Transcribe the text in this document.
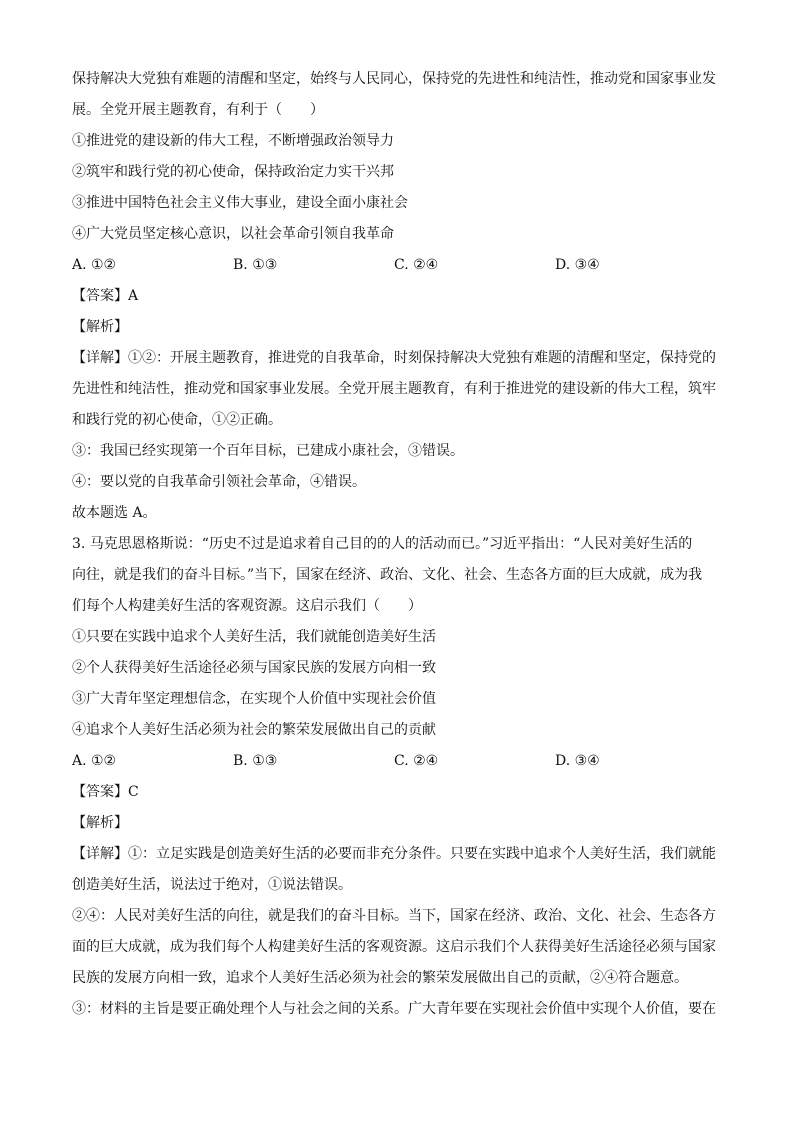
保持解决大党独有难题的清醒和坚定，始终与人民同心，保持党的先进性和纯洁性，推动党和国家事业发
展。全党开展主题教育，有利于（　　）
①推进党的建设新的伟大工程，不断增强政治领导力
②筑牢和践行党的初心使命，保持政治定力实干兴邦
③推进中国特色社会主义伟大事业，建设全面小康社会
④广大党员坚定核心意识，以社会革命引领自我革命
A. ①②	B. ①③	C. ②④	D. ③④
【答案】A
【解析】
【详解】①②：开展主题教育，推进党的自我革命，时刻保持解决大党独有难题的清醒和坚定，保持党的
先进性和纯洁性，推动党和国家事业发展。全党开展主题教育，有利于推进党的建设新的伟大工程，筑牢
和践行党的初心使命，①②正确。
③：我国已经实现第一个百年目标，已建成小康社会，③错误。
④：要以党的自我革命引领社会革命，④错误。
故本题选 A。
3. 马克思恩格斯说：“历史不过是追求着自己目的的人的活动而已。”习近平指出：“人民对美好生活的
向往，就是我们的奋斗目标。”当下，国家在经济、政治、文化、社会、生态各方面的巨大成就，成为我
们每个人构建美好生活的客观资源。这启示我们（　　）
①只要在实践中追求个人美好生活，我们就能创造美好生活
②个人获得美好生活途径必须与国家民族的发展方向相一致
③广大青年坚定理想信念，在实现个人价值中实现社会价值
④追求个人美好生活必须为社会的繁荣发展做出自己的贡献
A. ①②	B. ①③	C. ②④	D. ③④
【答案】C
【解析】
【详解】①：立足实践是创造美好生活的必要而非充分条件。只要在实践中追求个人美好生活，我们就能
创造美好生活，说法过于绝对，①说法错误。
②④：人民对美好生活的向往，就是我们的奋斗目标。当下，国家在经济、政治、文化、社会、生态各方
面的巨大成就，成为我们每个人构建美好生活的客观资源。这启示我们个人获得美好生活途径必须与国家
民族的发展方向相一致，追求个人美好生活必须为社会的繁荣发展做出自己的贡献，②④符合题意。
③：材料的主旨是要正确处理个人与社会之间的关系。广大青年要在实现社会价值中实现个人价值，要在
